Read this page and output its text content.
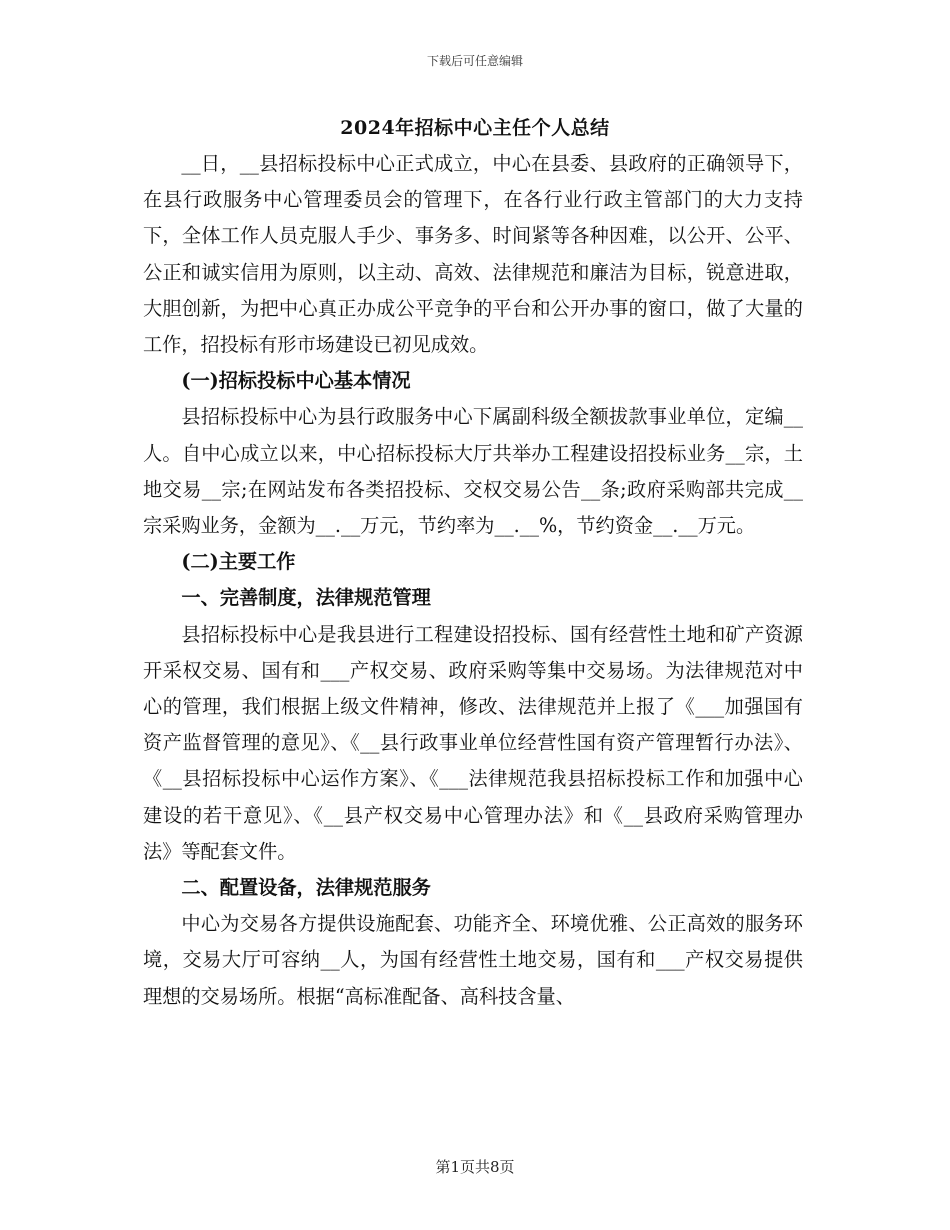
下载后可任意编辑
2024年招标中心主任个人总结

__日，__县招标投标中心正式成立，中心在县委、县政府的正确领导下，在县行政服务中心管理委员会的管理下，在各行业行政主管部门的大力支持下，全体工作人员克服人手少、事务多、时间紧等各种因难，以公开、公平、公正和诚实信用为原则，以主动、高效、法律规范和廉洁为目标，锐意进取，大胆创新，为把中心真正办成公平竞争的平台和公开办事的窗口，做了大量的工作，招投标有形市场建设已初见成效。

(一)招标投标中心基本情况

县招标投标中心为县行政服务中心下属副科级全额拔款事业单位，定编__人。自中心成立以来，中心招标投标大厅共举办工程建设招投标业务__宗，土地交易__宗;在网站发布各类招投标、交权交易公告__条;政府采购部共完成__宗采购业务，金额为__.__万元，节约率为__.__%，节约资金__.__万元。

(二)主要工作

一、完善制度，法律规范管理

县招标投标中心是我县进行工程建设招投标、国有经营性土地和矿产资源开采权交易、国有和___产权交易、政府采购等集中交易场。为法律规范对中心的管理，我们根据上级文件精神，修改、法律规范并上报了《___加强国有资产监督管理的意见》、《__县行政事业单位经营性国有资产管理暂行办法》、《__县招标投标中心运作方案》、《___法律规范我县招标投标工作和加强中心建设的若干意见》、《__县产权交易中心管理办法》和《__县政府采购管理办法》等配套文件。

二、配置设备，法律规范服务

中心为交易各方提供设施配套、功能齐全、环境优雅、公正高效的服务环境，交易大厅可容纳__人，为国有经营性土地交易，国有和___产权交易提供理想的交易场所。根据“高标准配备、高科技含量、

第1页共8页
